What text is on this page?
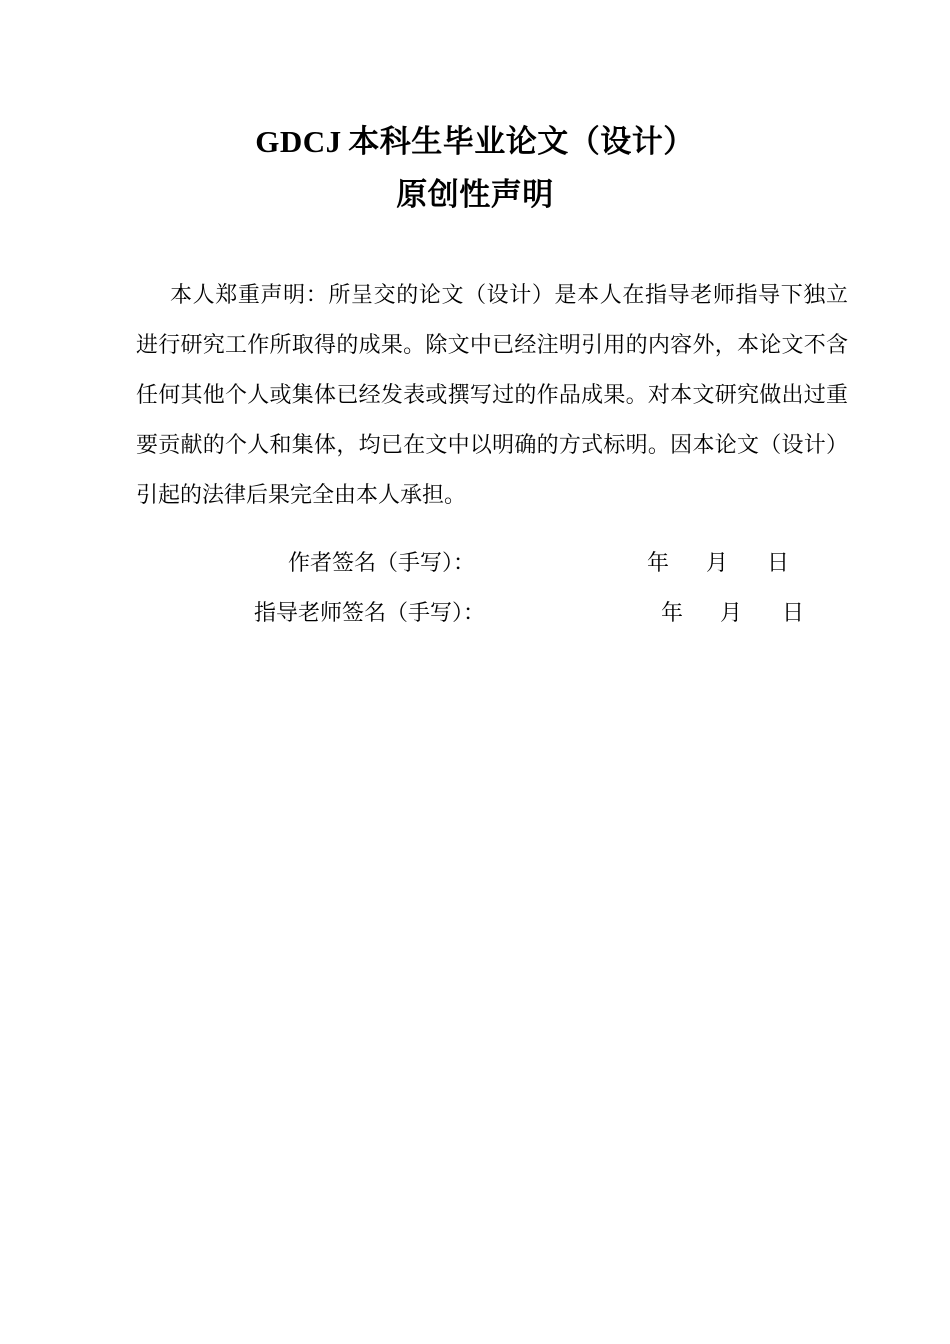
GDCJ  本科生毕业论文（设计）
原创性声明

本人郑重声明：所呈交的论文（设计）是本人在指导老师指导下独立进行研究工作所取得的成果。除文中已经注明引用的内容外，本论文不含任何其他个人或集体已经发表或撰写过的作品成果。对本文研究做出过重要贡献的个人和集体，均已在文中以明确的方式标明。因本论文（设计）引起的法律后果完全由本人承担。

作者签名（手写）：	年 月 日
指导老师签名（手写）：	年 月 日
